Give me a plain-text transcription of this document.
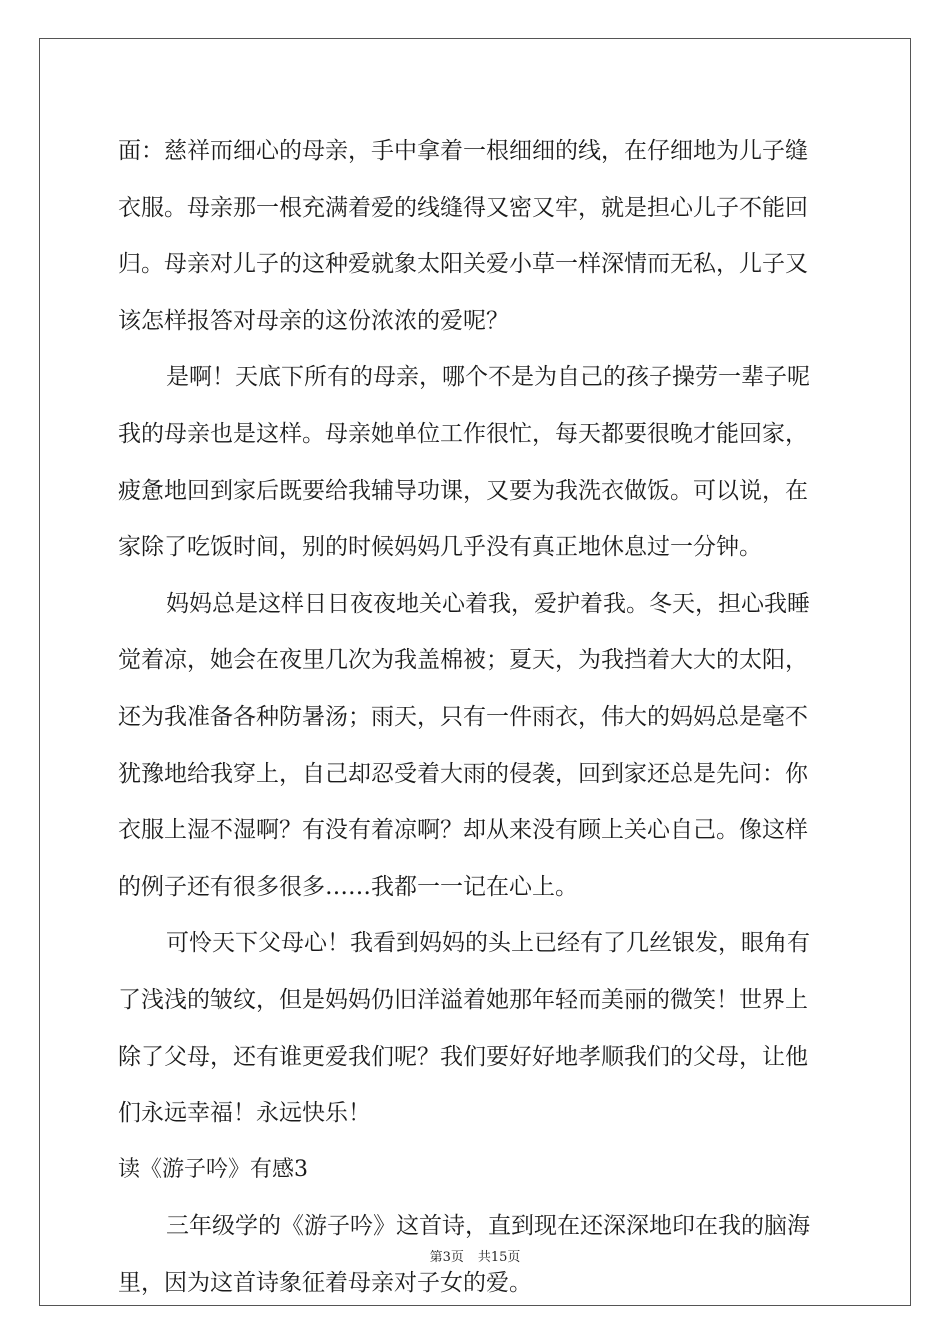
面：慈祥而细心的母亲，手中拿着一根细细的线，在仔细地为儿子缝
衣服。母亲那一根充满着爱的线缝得又密又牢，就是担心儿子不能回
归。母亲对儿子的这种爱就象太阳关爱小草一样深情而无私，儿子又
该怎样报答对母亲的这份浓浓的爱呢？
是啊！天底下所有的母亲，哪个不是为自己的孩子操劳一辈子呢
我的母亲也是这样。母亲她单位工作很忙，每天都要很晚才能回家，
疲惫地回到家后既要给我辅导功课，又要为我洗衣做饭。可以说，在
家除了吃饭时间，别的时候妈妈几乎没有真正地休息过一分钟。
妈妈总是这样日日夜夜地关心着我，爱护着我。冬天，担心我睡
觉着凉，她会在夜里几次为我盖棉被；夏天，为我挡着大大的太阳，
还为我准备各种防暑汤；雨天，只有一件雨衣，伟大的妈妈总是毫不
犹豫地给我穿上，自己却忍受着大雨的侵袭，回到家还总是先问：你
衣服上湿不湿啊？有没有着凉啊？却从来没有顾上关心自己。像这样
的例子还有很多很多……我都一一记在心上。
可怜天下父母心！我看到妈妈的头上已经有了几丝银发，眼角有
了浅浅的皱纹，但是妈妈仍旧洋溢着她那年轻而美丽的微笑！世界上
除了父母，还有谁更爱我们呢？我们要好好地孝顺我们的父母，让他
们永远幸福！永远快乐！
读《游子吟》有感3
三年级学的《游子吟》这首诗，直到现在还深深地印在我的脑海
里，因为这首诗象征着母亲对子女的爱。
第3页 共15页
